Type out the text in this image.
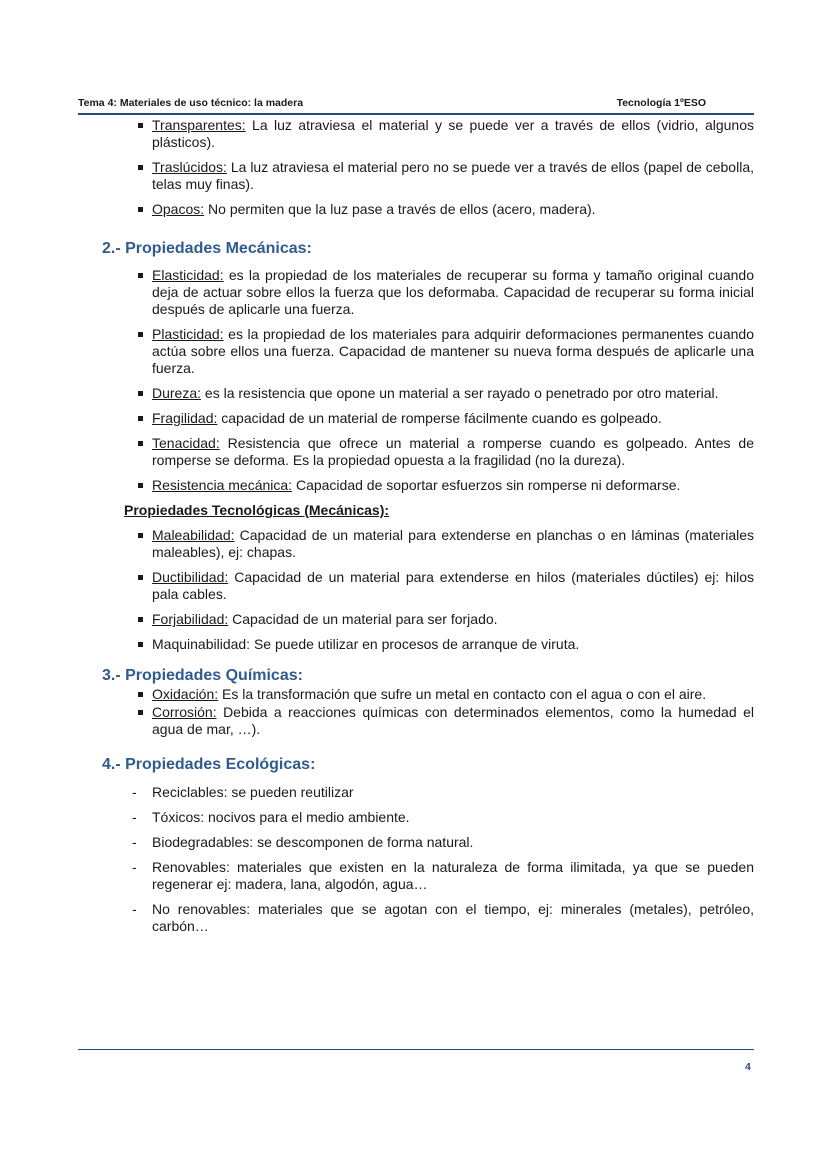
Tema 4: Materiales de uso técnico: la madera	Tecnología 1ºESO
Transparentes: La luz atraviesa el material y se puede ver a través de ellos (vidrio, algunos plásticos).
Traslúcidos: La luz atraviesa el material pero no se puede ver a través de ellos (papel de cebolla, telas muy finas).
Opacos: No permiten que la luz pase a través de ellos (acero, madera).
2.- Propiedades Mecánicas:
Elasticidad: es la propiedad de los materiales de recuperar su forma y tamaño original cuando deja de actuar sobre ellos la fuerza que los deformaba. Capacidad de recuperar su forma inicial después de aplicarle una fuerza.
Plasticidad: es la propiedad de los materiales para adquirir deformaciones permanentes cuando actúa sobre ellos una fuerza. Capacidad de mantener su nueva forma después de aplicarle una fuerza.
Dureza: es la resistencia que opone un material a ser rayado o penetrado por otro material.
Fragilidad: capacidad de un material de romperse fácilmente cuando es golpeado.
Tenacidad: Resistencia que ofrece un material a romperse cuando es golpeado. Antes de romperse se deforma. Es la propiedad opuesta a la fragilidad (no la dureza).
Resistencia mecánica: Capacidad de soportar esfuerzos sin romperse ni deformarse.
Propiedades Tecnológicas (Mecánicas):
Maleabilidad: Capacidad de un material para extenderse en planchas o en láminas (materiales maleables), ej: chapas.
Ductibilidad: Capacidad de un material para extenderse en hilos (materiales dúctiles) ej: hilos pala cables.
Forjabilidad: Capacidad de un material para ser forjado.
Maquinabilidad: Se puede utilizar en procesos de arranque de viruta.
3.- Propiedades Químicas:
Oxidación: Es la transformación que sufre un metal en contacto con el agua o con el aire.
Corrosión: Debida a reacciones químicas con determinados elementos, como la humedad el agua de mar, …).
4.- Propiedades Ecológicas:
- Reciclables: se pueden reutilizar
- Tóxicos: nocivos para el medio ambiente.
- Biodegradables: se descomponen de forma natural.
- Renovables: materiales que existen en la naturaleza de forma ilimitada, ya que se pueden regenerar ej: madera, lana, algodón, agua…
- No renovables: materiales que se agotan con el tiempo, ej: minerales (metales), petróleo, carbón…
4
